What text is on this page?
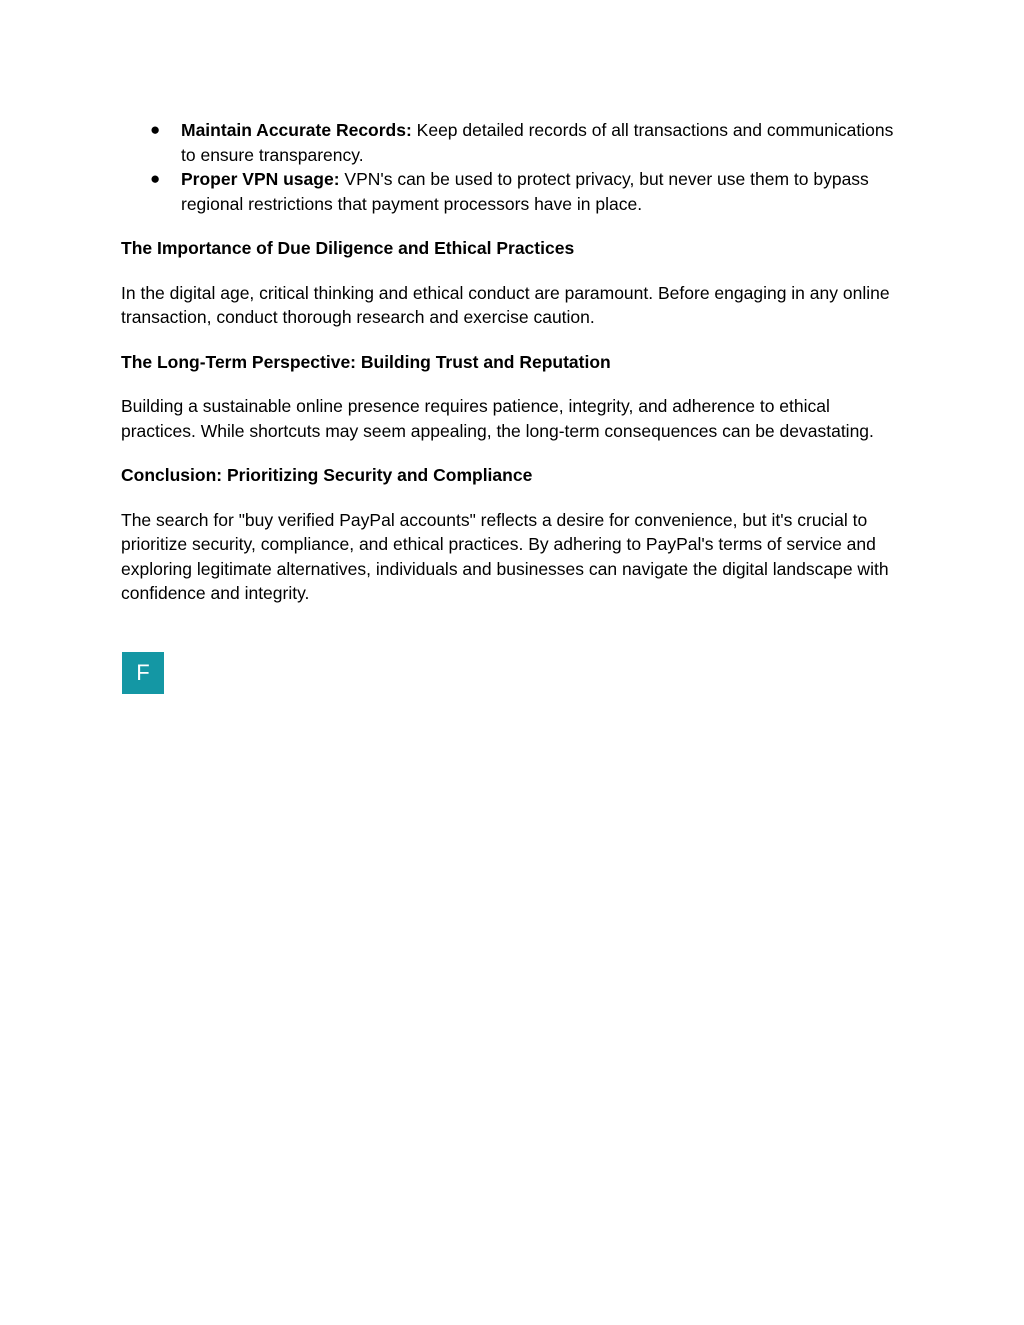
● Maintain Accurate Records: Keep detailed records of all transactions and communications to ensure transparency.
● Proper VPN usage: VPN's can be used to protect privacy, but never use them to bypass regional restrictions that payment processors have in place.
The Importance of Due Diligence and Ethical Practices

In the digital age, critical thinking and ethical conduct are paramount. Before engaging in any online transaction, conduct thorough research and exercise caution.

The Long-Term Perspective: Building Trust and Reputation

Building a sustainable online presence requires patience, integrity, and adherence to ethical practices. While shortcuts may seem appealing, the long-term consequences can be devastating.

Conclusion: Prioritizing Security and Compliance

The search for "buy verified PayPal accounts" reflects a desire for convenience, but it's crucial to prioritize security, compliance, and ethical practices. By adhering to PayPal's terms of service and exploring legitimate alternatives, individuals and businesses can navigate the digital landscape with confidence and integrity.

F
